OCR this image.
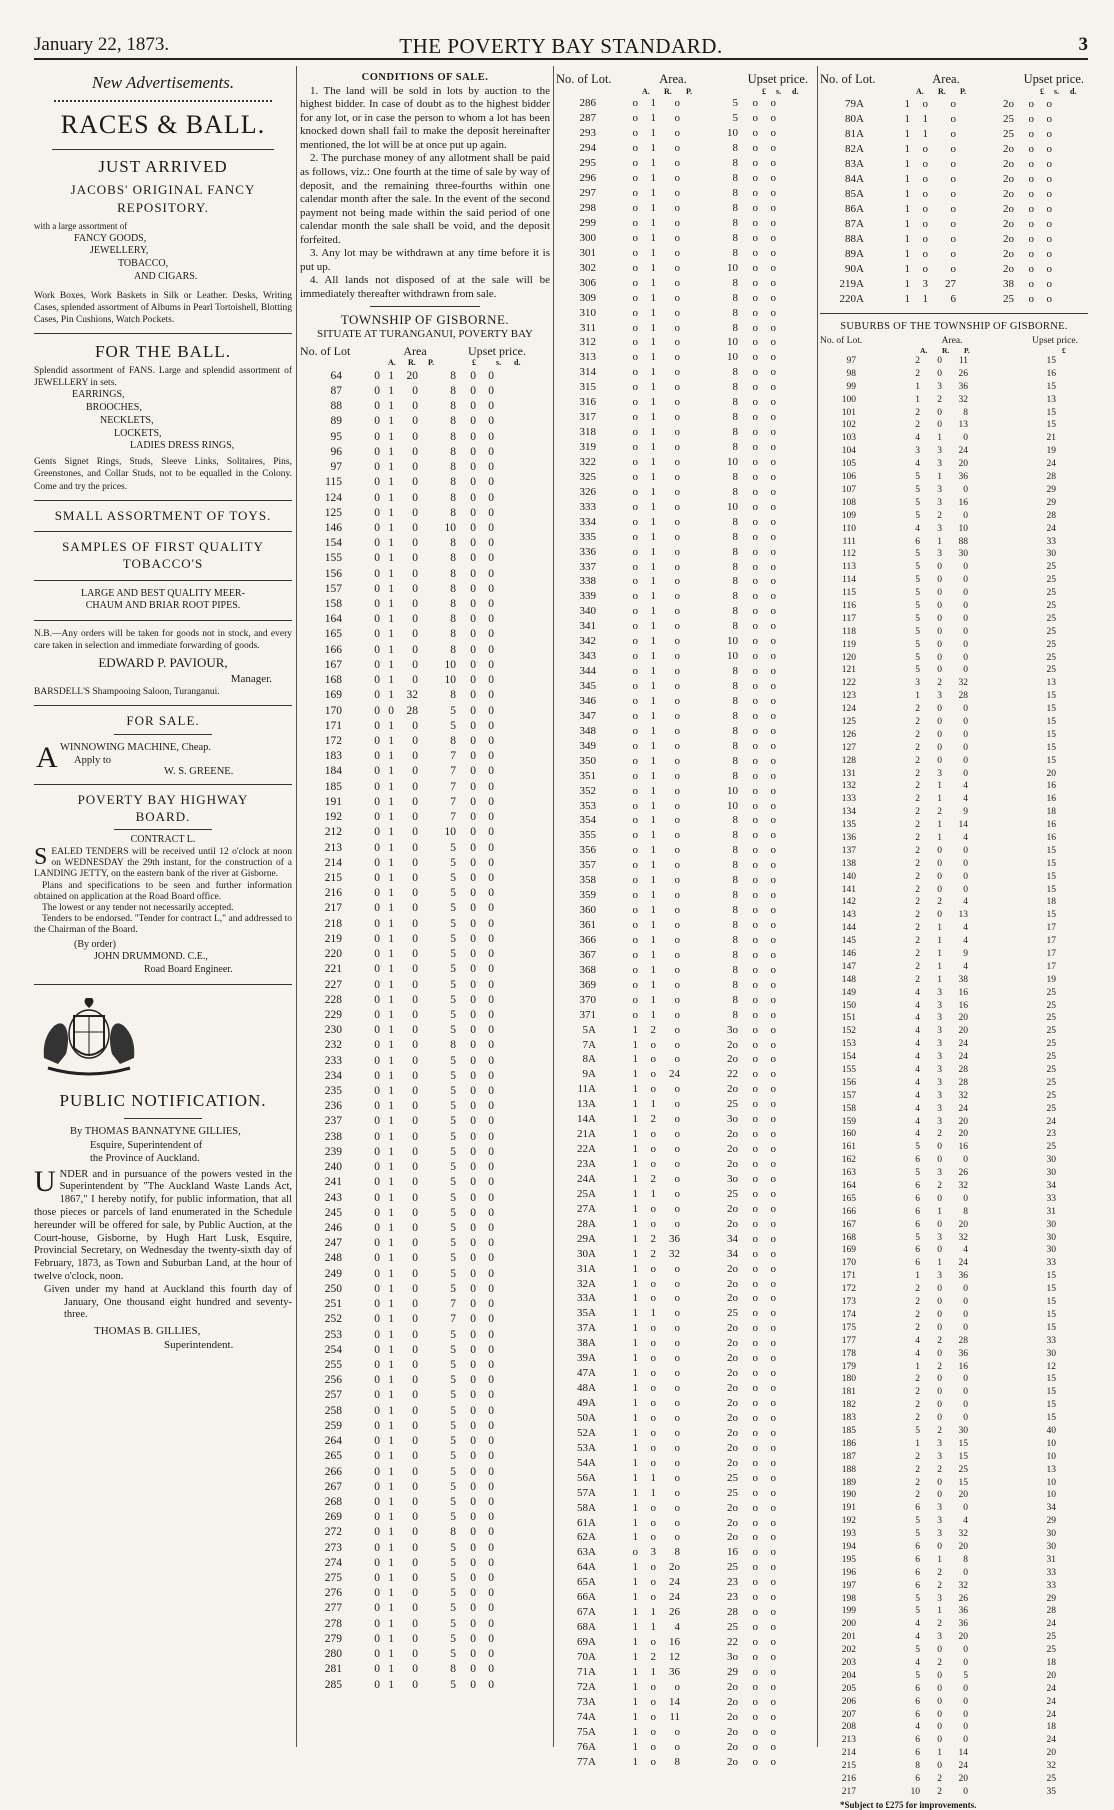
January 22, 1873.	THE POVERTY BAY STANDARD.	3
New Advertisements.
RACES & BALL.
JUST ARRIVED
JACOBS' ORIGINAL FANCY
REPOSITORY.
with a large assortment of
FANCY GOODS,
JEWELLERY,
TOBACCO,
AND CIGARS.
Work Boxes, Work Baskets in Silk or Leather. Desks, Writing Cases, splended assortment of Albums in Pearl Tortoishell, Blotting Cases, Pin Cushions, Watch Pockets.
FOR THE BALL.
Splendid assortment of FANS. Large and splendid assortment of JEWELLERY in sets.
EARRINGS,
BROOCHES,
NECKLETS,
LOCKETS,
LADIES DRESS RINGS,
Gents Signet Rings, Studs, Sleeve Links, Solitaires, Pins, Greenstones, and Collar Studs, not to be equalled in the Colony. Come and try the prices.
SMALL ASSORTMENT OF TOYS.
SAMPLES OF FIRST QUALITY
TOBACCO'S
LARGE AND BEST QUALITY MEER-
CHAUM AND BRIAR ROOT PIPES.
N.B.—Any orders will be taken for goods not in stock, and every care taken in selection and immediate forwarding of goods.
EDWARD P. PAVIOUR,
Manager.
BARSDELL'S Shampooing Saloon, Turanganui.
FOR SALE.
A WINNOWING MACHINE, Cheap.
Apply to
W. S. GREENE.
POVERTY BAY HIGHWAY
BOARD.
CONTRACT L.
SEALED TENDERS will be received until 12 o'clock at noon on WEDNESDAY the 29th instant, for the construction of a LANDING JETTY, on the eastern bank of the river at Gisborne.
Plans and specifications to be seen and further information obtained on application at the Road Board office.
The lowest or any tender not necessarily accepted.
Tenders to be endorsed. "Tender for contract L," and addressed to the Chairman of the Board.
(By order)
JOHN DRUMMOND. C.E.,
Road Board Engineer.
PUBLIC NOTIFICATION.
By THOMAS BANNATYNE GILLIES,
Esquire, Superintendent of
the Province of Auckland.
UNDER and in pursuance of the powers vested in the Superintendent by "The Auckland Waste Lands Act, 1867," I hereby notify, for public information, that all those pieces or parcels of land enumerated in the Schedule hereunder will be offered for sale, by Public Auction, at the Court-house, Gisborne, by Hugh Hart Lusk, Esquire, Provincial Secretary, on Wednesday the twenty-sixth day of February, 1873, as Town and Suburban Land, at the hour of twelve o'clock, noon.
Given under my hand at Auckland this fourth day of January, One thousand eight hundred and seventy-three.
THOMAS B. GILLIES,
Superintendent.
CONDITIONS OF SALE.
1. The land will be sold in lots by auction to the highest bidder. In case of doubt as to the highest bidder for any lot, or in case the person to whom a lot has been knocked down shall fail to make the deposit hereinafter mentioned, the lot will be at once put up again.
2. The purchase money of any allotment shall be paid as follows, viz.: One fourth at the time of sale by way of deposit, and the remaining three-fourths within one calendar month after the sale. In the event of the second payment not being made within the said period of one calendar month the sale shall be void, and the deposit forfeited.
3. Any lot may be withdrawn at any time before it is put up.
4. All lands not disposed of at the sale will be immediately thereafter withdrawn from sale.
TOWNSHIP OF GISBORNE.
SITUATE AT TURANGANUI, POVERTY BAY
No. of Lot	Area	Upset price.
A.	R.	P.	£	s.	d.
64	0 1	20	8	0	0
87	0 1	0	8	0	0
88	0 1	0	8	0	0
89	0 1	0	8	0	0
95	0 1	0	8	0	0
96	0 1	0	8	0	0
97	0 1	0	8	0	0
115	0 1	0	8	0	0
124	0 1	0	8	0	0
125	0 1	0	8	0	0
146	0 1	0	10	0	0
154	0 1	0	8	0	0
155	0 1	0	8	0	0
156	0 1	0	8	0	0
157	0 1	0	8	0	0
158	0 1	0	8	0	0
164	0 1	0	8	0	0
165	0 1	0	8	0	0
166	0 1	0	8	0	0
167	0 1	0	10	0	0
168	0 1	0	10	0	0
169	0 1	32	8	0	0
170	0 0	28	5	0	0
171	0 1	0	5	0	0
172	0 1	0	8	0	0
183	0 1	0	7	0	0
184	0 1	0	7	0	0
185	0 1	0	7	0	0
191	0 1	0	7	0	0
192	0 1	0	7	0	0
212	0 1	0	10	0	0
213	0 1	0	5	0	0
214	0 1	0	5	0	0
215	0 1	0	5	0	0
216	0 1	0	5	0	0
217	0 1	0	5	0	0
218	0 1	0	5	0	0
219	0 1	0	5	0	0
220	0 1	0	5	0	0
221	0 1	0	5	0	0
227	0 1	0	5	0	0
228	0 1	0	5	0	0
229	0 1	0	5	0	0
230	0 1	0	5	0	0
232	0 1	0	8	0	0
233	0 1	0	5	0	0
234	0 1	0	5	0	0
235	0 1	0	5	0	0
236	0 1	0	5	0	0
237	0 1	0	5	0	0
238	0 1	0	5	0	0
239	0 1	0	5	0	0
240	0 1	0	5	0	0
241	0 1	0	5	0	0
243	0 1	0	5	0	0
245	0 1	0	5	0	0
246	0 1	0	5	0	0
247	0 1	0	5	0	0
248	0 1	0	5	0	0
249	0 1	0	5	0	0
250	0 1	0	5	0	0
251	0 1	0	7	0	0
252	0 1	0	7	0	0
253	0 1	0	5	0	0
254	0 1	0	5	0	0
255	0 1	0	5	0	0
256	0 1	0	5	0	0
257	0 1	0	5	0	0
258	0 1	0	5	0	0
259	0 1	0	5	0	0
264	0 1	0	5	0	0
265	0 1	0	5	0	0
266	0 1	0	5	0	0
267	0 1	0	5	0	0
268	0 1	0	5	0	0
269	0 1	0	5	0	0
272	0 1	0	8	0	0
273	0 1	0	5	0	0
274	0 1	0	5	0	0
275	0 1	0	5	0	0
276	0 1	0	5	0	0
277	0 1	0	5	0	0
278	0 1	0	5	0	0
279	0 1	0	5	0	0
280	0 1	0	5	0	0
281	0 1	0	8	0	0
285	0 1	0	5	0	0
No. of Lot.	Area.	Upset price.
A.	R.	P.	£	s.	d.
286	o	1	o	5	o	o
287	o	1	o	5	o	o
293	o	1	o	10	o	o
294	o	1	o	8	o	o
295	o	1	o	8	o	o
296	o	1	o	8	o	o
297	o	1	o	8	o	o
298	o	1	o	8	o	o
299	o	1	o	8	o	o
300	o	1	o	8	o	o
301	o	1	o	8	o	o
302	o	1	o	10	o	o
306	o	1	o	8	o	o
309	o	1	o	8	o	o
310	o	1	o	8	o	o
311	o	1	o	8	o	o
312	o	1	o	10	o	o
313	o	1	o	10	o	o
314	o	1	o	8	o	o
315	o	1	o	8	o	o
316	o	1	o	8	o	o
317	o	1	o	8	o	o
318	o	1	o	8	o	o
319	o	1	o	8	o	o
322	o	1	o	10	o	o
325	o	1	o	8	o	o
326	o	1	o	8	o	o
333	o	1	o	10	o	o
334	o	1	o	8	o	o
335	o	1	o	8	o	o
336	o	1	o	8	o	o
337	o	1	o	8	o	o
338	o	1	o	8	o	o
339	o	1	o	8	o	o
340	o	1	o	8	o	o
341	o	1	o	8	o	o
342	o	1	o	10	o	o
343	o	1	o	10	o	o
344	o	1	o	8	o	o
345	o	1	o	8	o	o
346	o	1	o	8	o	o
347	o	1	o	8	o	o
348	o	1	o	8	o	o
349	o	1	o	8	o	o
350	o	1	o	8	o	o
351	o	1	o	8	o	o
352	o	1	o	10	o	o
353	o	1	o	10	o	o
354	o	1	o	8	o	o
355	o	1	o	8	o	o
356	o	1	o	8	o	o
357	o	1	o	8	o	o
358	o	1	o	8	o	o
359	o	1	o	8	o	o
360	o	1	o	8	o	o
361	o	1	o	8	o	o
366	o	1	o	8	o	o
367	o	1	o	8	o	o
368	o	1	o	8	o	o
369	o	1	o	8	o	o
370	o	1	o	8	o	o
371	o	1	o	8	o	o
5A	1	2	o	3o	o	o
7A	1	o	o	2o	o	o
8A	1	o	o	2o	o	o
9A	1	o	24	22	o	o
11A	1	o	o	2o	o	o
13A	1	1	o	25	o	o
14A	1	2	o	3o	o	o
21A	1	o	o	2o	o	o
22A	1	o	o	2o	o	o
23A	1	o	o	2o	o	o
24A	1	2	o	3o	o	o
25A	1	1	o	25	o	o
27A	1	o	o	2o	o	o
28A	1	o	o	2o	o	o
29A	1	2	36	34	o	o
30A	1	2	32	34	o	o
31A	1	o	o	2o	o	o
32A	1	o	o	2o	o	o
33A	1	o	o	2o	o	o
35A	1	1	o	25	o	o
37A	1	o	o	2o	o	o
38A	1	o	o	2o	o	o
39A	1	o	o	2o	o	o
47A	1	o	o	2o	o	o
48A	1	o	o	2o	o	o
49A	1	o	o	2o	o	o
50A	1	o	o	2o	o	o
52A	1	o	o	2o	o	o
53A	1	o	o	2o	o	o
54A	1	o	o	2o	o	o
56A	1	1	o	25	o	o
57A	1	1	o	25	o	o
58A	1	o	o	2o	o	o
61A	1	o	o	2o	o	o
62A	1	o	o	2o	o	o
63A	o	3	8	16	o	o
64A	1	o	2o	25	o	o
65A	1	o	24	23	o	o
66A	1	o	24	23	o	o
67A	1	1	26	28	o	o
68A	1	1	4	25	o	o
69A	1	o	16	22	o	o
70A	1	2	12	3o	o	o
71A	1	1	36	29	o	o
72A	1	o	o	2o	o	o
73A	1	o	14	2o	o	o
74A	1	o	11	2o	o	o
75A	1	o	o	2o	o	o
76A	1	o	o	2o	o	o
77A	1	o	8	2o	o	o
No. of Lot.	Area.	Upset price.
A.	R.	P.	£	s.	d.
79A	1	o	o	2o	o	o
80A	1	1	o	25	o	o
81A	1	1	o	25	o	o
82A	1	o	o	2o	o	o
83A	1	o	o	2o	o	o
84A	1	o	o	2o	o	o
85A	1	o	o	2o	o	o
86A	1	o	o	2o	o	o
87A	1	o	o	2o	o	o
88A	1	o	o	2o	o	o
89A	1	o	o	2o	o	o
90A	1	o	o	2o	o	o
219A	1	3	27	38	o	o
220A	1	1	6	25	o	o
SUBURBS OF THE TOWNSHIP OF GISBORNE.
No. of Lot.	Area.	Upset price.
A.	R.	P.	£
97	2	0	11	15
98	2	0	26	16
99	1	3	36	15
100	1	2	32	13
101	2	0	8	15
102	2	0	13	15
103	4	1	0	21
104	3	3	24	19
105	4	3	20	24
106	5	1	36	28
107	5	3	0	29
108	5	3	16	29
109	5	2	0	28
110	4	3	10	24
111	6	1	88	33
112	5	3	30	30
113	5	0	0	25
114	5	0	0	25
115	5	0	0	25
116	5	0	0	25
117	5	0	0	25
118	5	0	0	25
119	5	0	0	25
120	5	0	0	25
121	5	0	0	25
122	3	2	32	13
123	1	3	28	15
124	2	0	0	15
125	2	0	0	15
126	2	0	0	15
127	2	0	0	15
128	2	0	0	15
131	2	3	0	20
132	2	1	4	16
133	2	1	4	16
134	2	2	9	18
135	2	1	14	16
136	2	1	4	16
137	2	0	0	15
138	2	0	0	15
140	2	0	0	15
141	2	0	0	15
142	2	2	4	18
143	2	0	13	15
144	2	1	4	17
145	2	1	4	17
146	2	1	9	17
147	2	1	4	17
148	2	1	38	19
149	4	3	16	25
150	4	3	16	25
151	4	3	20	25
152	4	3	20	25
153	4	3	24	25
154	4	3	24	25
155	4	3	28	25
156	4	3	28	25
157	4	3	32	25
158	4	3	24	25
159	4	3	20	24
160	4	2	20	23
161	5	0	16	25
162	6	0	0	30
163	5	3	26	30
164	6	2	32	34
165	6	0	0	33
166	6	1	8	31
167	6	0	20	30
168	5	3	32	30
169	6	0	4	30
170	6	1	24	33
171	1	3	36	15
172	2	0	0	15
173	2	0	0	15
174	2	0	0	15
175	2	0	0	15
177	4	2	28	33
178	4	0	36	30
179	1	2	16	12
180	2	0	0	15
181	2	0	0	15
182	2	0	0	15
183	2	0	0	15
185	5	2	30	40
186	1	3	15	10
187	2	3	15	10
188	2	2	25	13
189	2	0	15	10
190	2	0	20	10
191	6	3	0	34
192	5	3	4	29
193	5	3	32	30
194	6	0	20	30
195	6	1	8	31
196	6	2	0	33
197	6	2	32	33
198	5	3	26	29
199	5	1	36	28
200	4	2	36	24
201	4	3	20	25
202	5	0	0	25
203	4	2	0	18
204	5	0	5	20
205	6	0	0	24
206	6	0	0	24
207	6	0	0	24
208	4	0	0	18
213	6	0	0	24
214	6	1	14	20
215	8	0	24	32
216	6	2	20	25
217	10	2	0	35
*Subject to £275 for improvements.
